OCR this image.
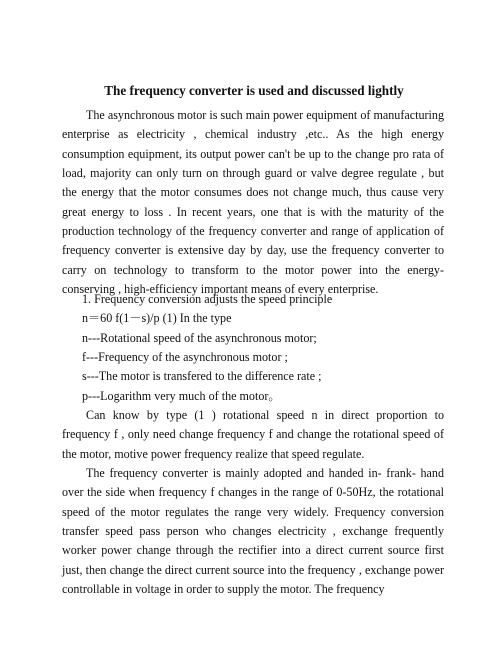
The frequency converter is used and discussed lightly

The asynchronous motor is such main power equipment of manufacturing enterprise as electricity , chemical industry ,etc.. As the high energy consumption equipment, its output power can't be up to the change pro rata of load, majority can only turn on through guard or valve degree regulate , but the energy that the motor consumes does not change much, thus cause very great energy to loss . In recent years, one that is with the maturity of the production technology of the frequency converter and range of application of frequency converter is extensive day by day, use the frequency converter to carry on technology to transform to the motor power into the energy-conserving , high-efficiency important means of every enterprise.

1. Frequency conversion adjusts the speed principle

n＝60 f(1－s)/p (1) In the type

n---Rotational speed of the asynchronous motor;

f---Frequency of the asynchronous motor ;

s---The motor is transfered to the difference rate ;

p---Logarithm very much of the motor。

Can know by type (1 ) rotational speed n in direct proportion to frequency f , only need change frequency f and change the rotational speed of the motor, motive power frequency realize that speed regulate.

The frequency converter is mainly adopted and handed in- frank- hand over the side when frequency f changes in the range of 0-50Hz, the rotational speed of the motor regulates the range very widely. Frequency conversion transfer speed pass person who changes electricity , exchange frequently worker power change through the rectifier into a direct current source first just, then change the direct current source into the frequency , exchange power controllable in voltage in order to supply the motor. The frequency
